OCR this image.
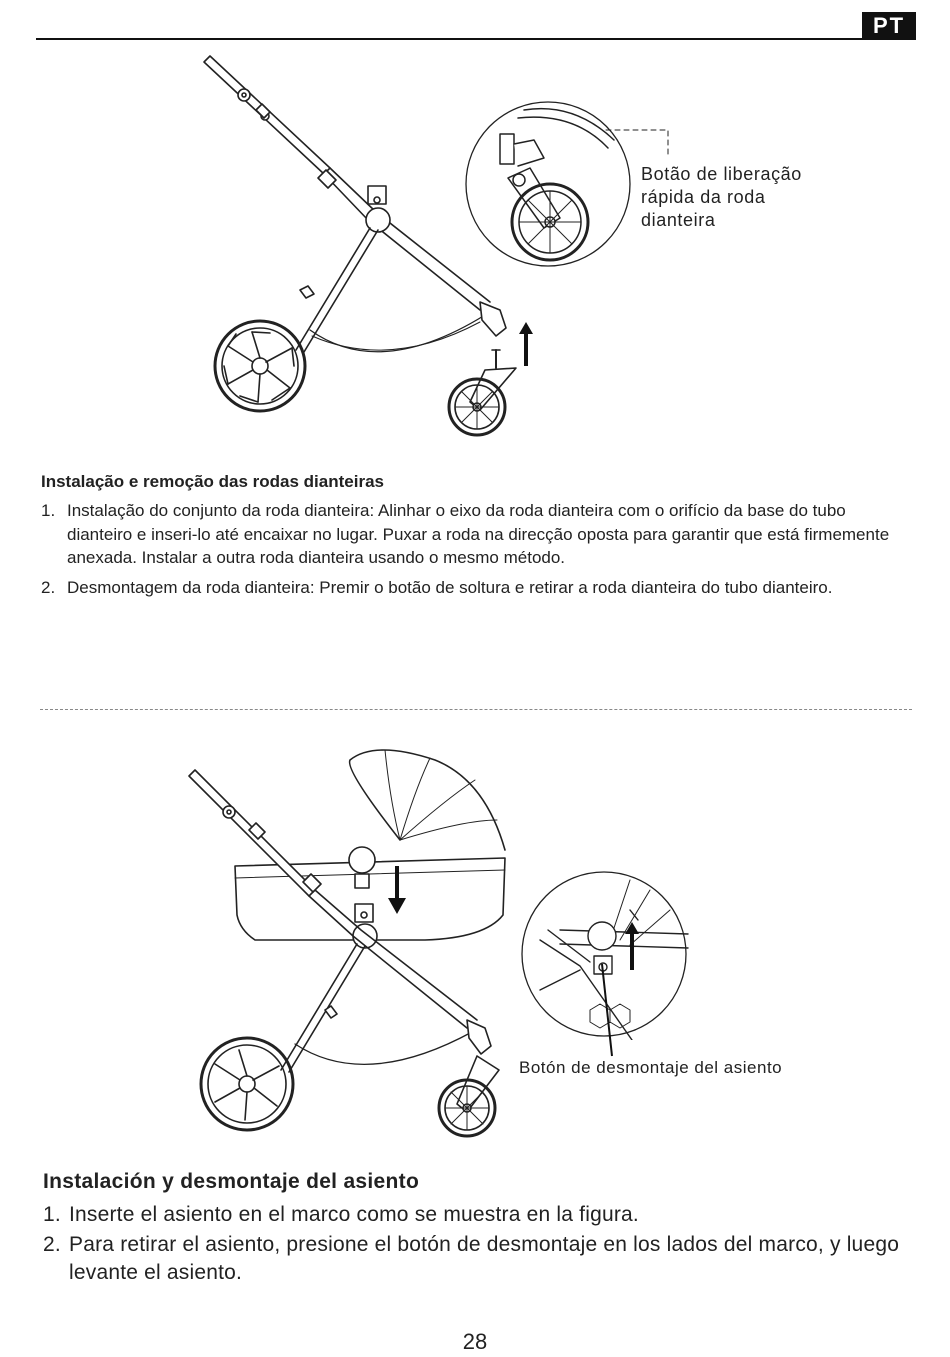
PT
Botão de liberação rápida da roda dianteira
Instalação e remoção das rodas dianteiras
1. Instalação do conjunto da roda dianteira: Alinhar o eixo da roda dianteira com o orifício da base do tubo dianteiro e inseri-lo até encaixar no lugar. Puxar a roda na direcção oposta para garantir que está firmemente anexada. Instalar a outra roda dianteira usando o mesmo método.
2. Desmontagem da roda dianteira: Premir o botão de soltura e retirar a roda dianteira do tubo dianteiro.
Botón de desmontaje del asiento
Instalación y desmontaje del asiento
1. Inserte el asiento en el marco como se muestra en la figura.
2. Para retirar el asiento, presione el botón de desmontaje en los lados del marco, y luego levante el asiento.
28
